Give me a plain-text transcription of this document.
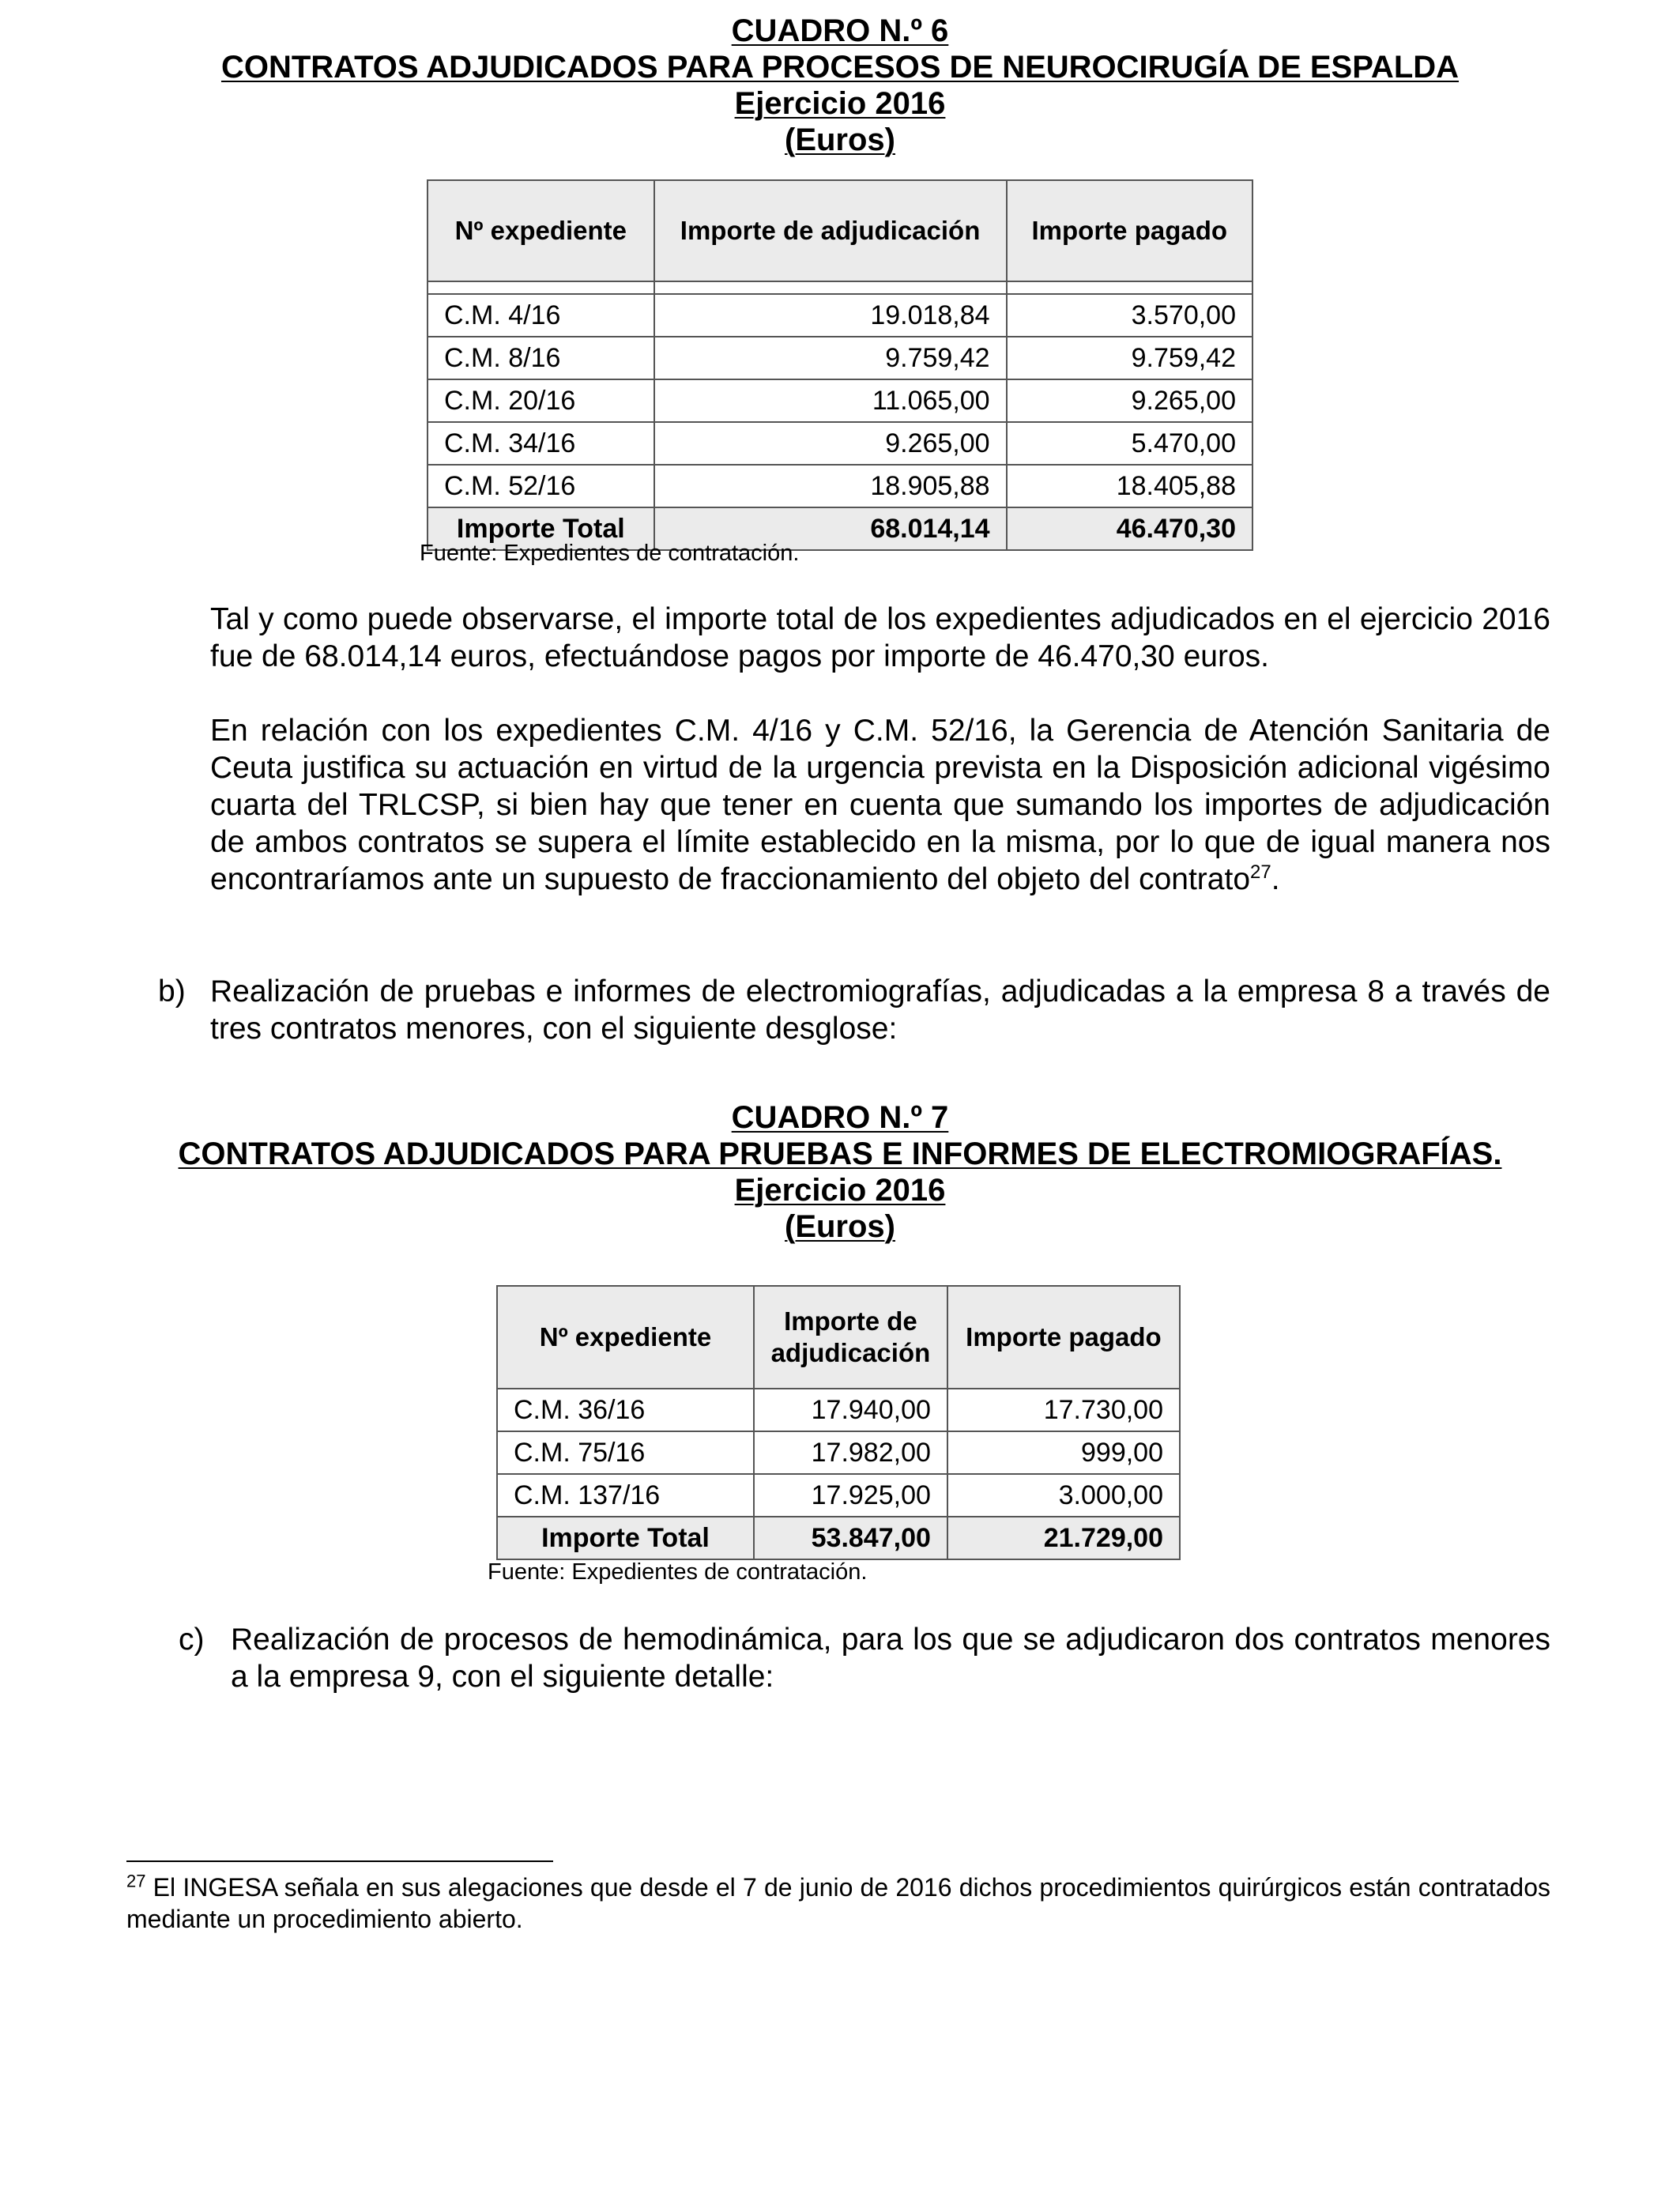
CUADRO N.º 6
CONTRATOS ADJUDICADOS PARA PROCESOS DE NEUROCIRUGÍA DE ESPALDA
Ejercicio 2016
(Euros)
Nº expediente	Importe de adjudicación	Importe pagado

C.M. 4/16	19.018,84	3.570,00
C.M. 8/16	9.759,42	9.759,42
C.M. 20/16	11.065,00	9.265,00
C.M. 34/16	9.265,00	5.470,00
C.M. 52/16	18.905,88	18.405,88
Importe Total	68.014,14	46.470,30
Fuente: Expedientes de contratación.

Tal y como puede observarse, el importe total de los expedientes adjudicados en el ejercicio 2016 fue de 68.014,14 euros, efectuándose pagos por importe de 46.470,30 euros.

En relación con los expedientes C.M. 4/16 y C.M. 52/16, la Gerencia de Atención Sanitaria de Ceuta justifica su actuación en virtud de la urgencia prevista en la Disposición adicional vigésimo cuarta del TRLCSP, si bien hay que tener en cuenta que sumando los importes de adjudicación de ambos contratos se supera el límite establecido en la misma, por lo que de igual manera nos encontraríamos ante un supuesto de fraccionamiento del objeto del contrato$^{27}$.

b) Realización de pruebas e informes de electromiografías, adjudicadas a la empresa 8 a través de tres contratos menores, con el siguiente desglose:

CUADRO N.º 7
CONTRATOS ADJUDICADOS PARA PRUEBAS E INFORMES DE ELECTROMIOGRAFÍAS.
Ejercicio 2016
(Euros)
Nº expediente	Importe de adjudicación	Importe pagado
C.M. 36/16	17.940,00	17.730,00
C.M. 75/16	17.982,00	999,00
C.M. 137/16	17.925,00	3.000,00
Importe Total	53.847,00	21.729,00
Fuente: Expedientes de contratación.
c) Realización de procesos de hemodinámica, para los que se adjudicaron dos contratos menores a la empresa 9, con el siguiente detalle:

$^{27}$ El INGESA señala en sus alegaciones que desde el 7 de junio de 2016 dichos procedimientos quirúrgicos están contratados mediante un procedimiento abierto.
